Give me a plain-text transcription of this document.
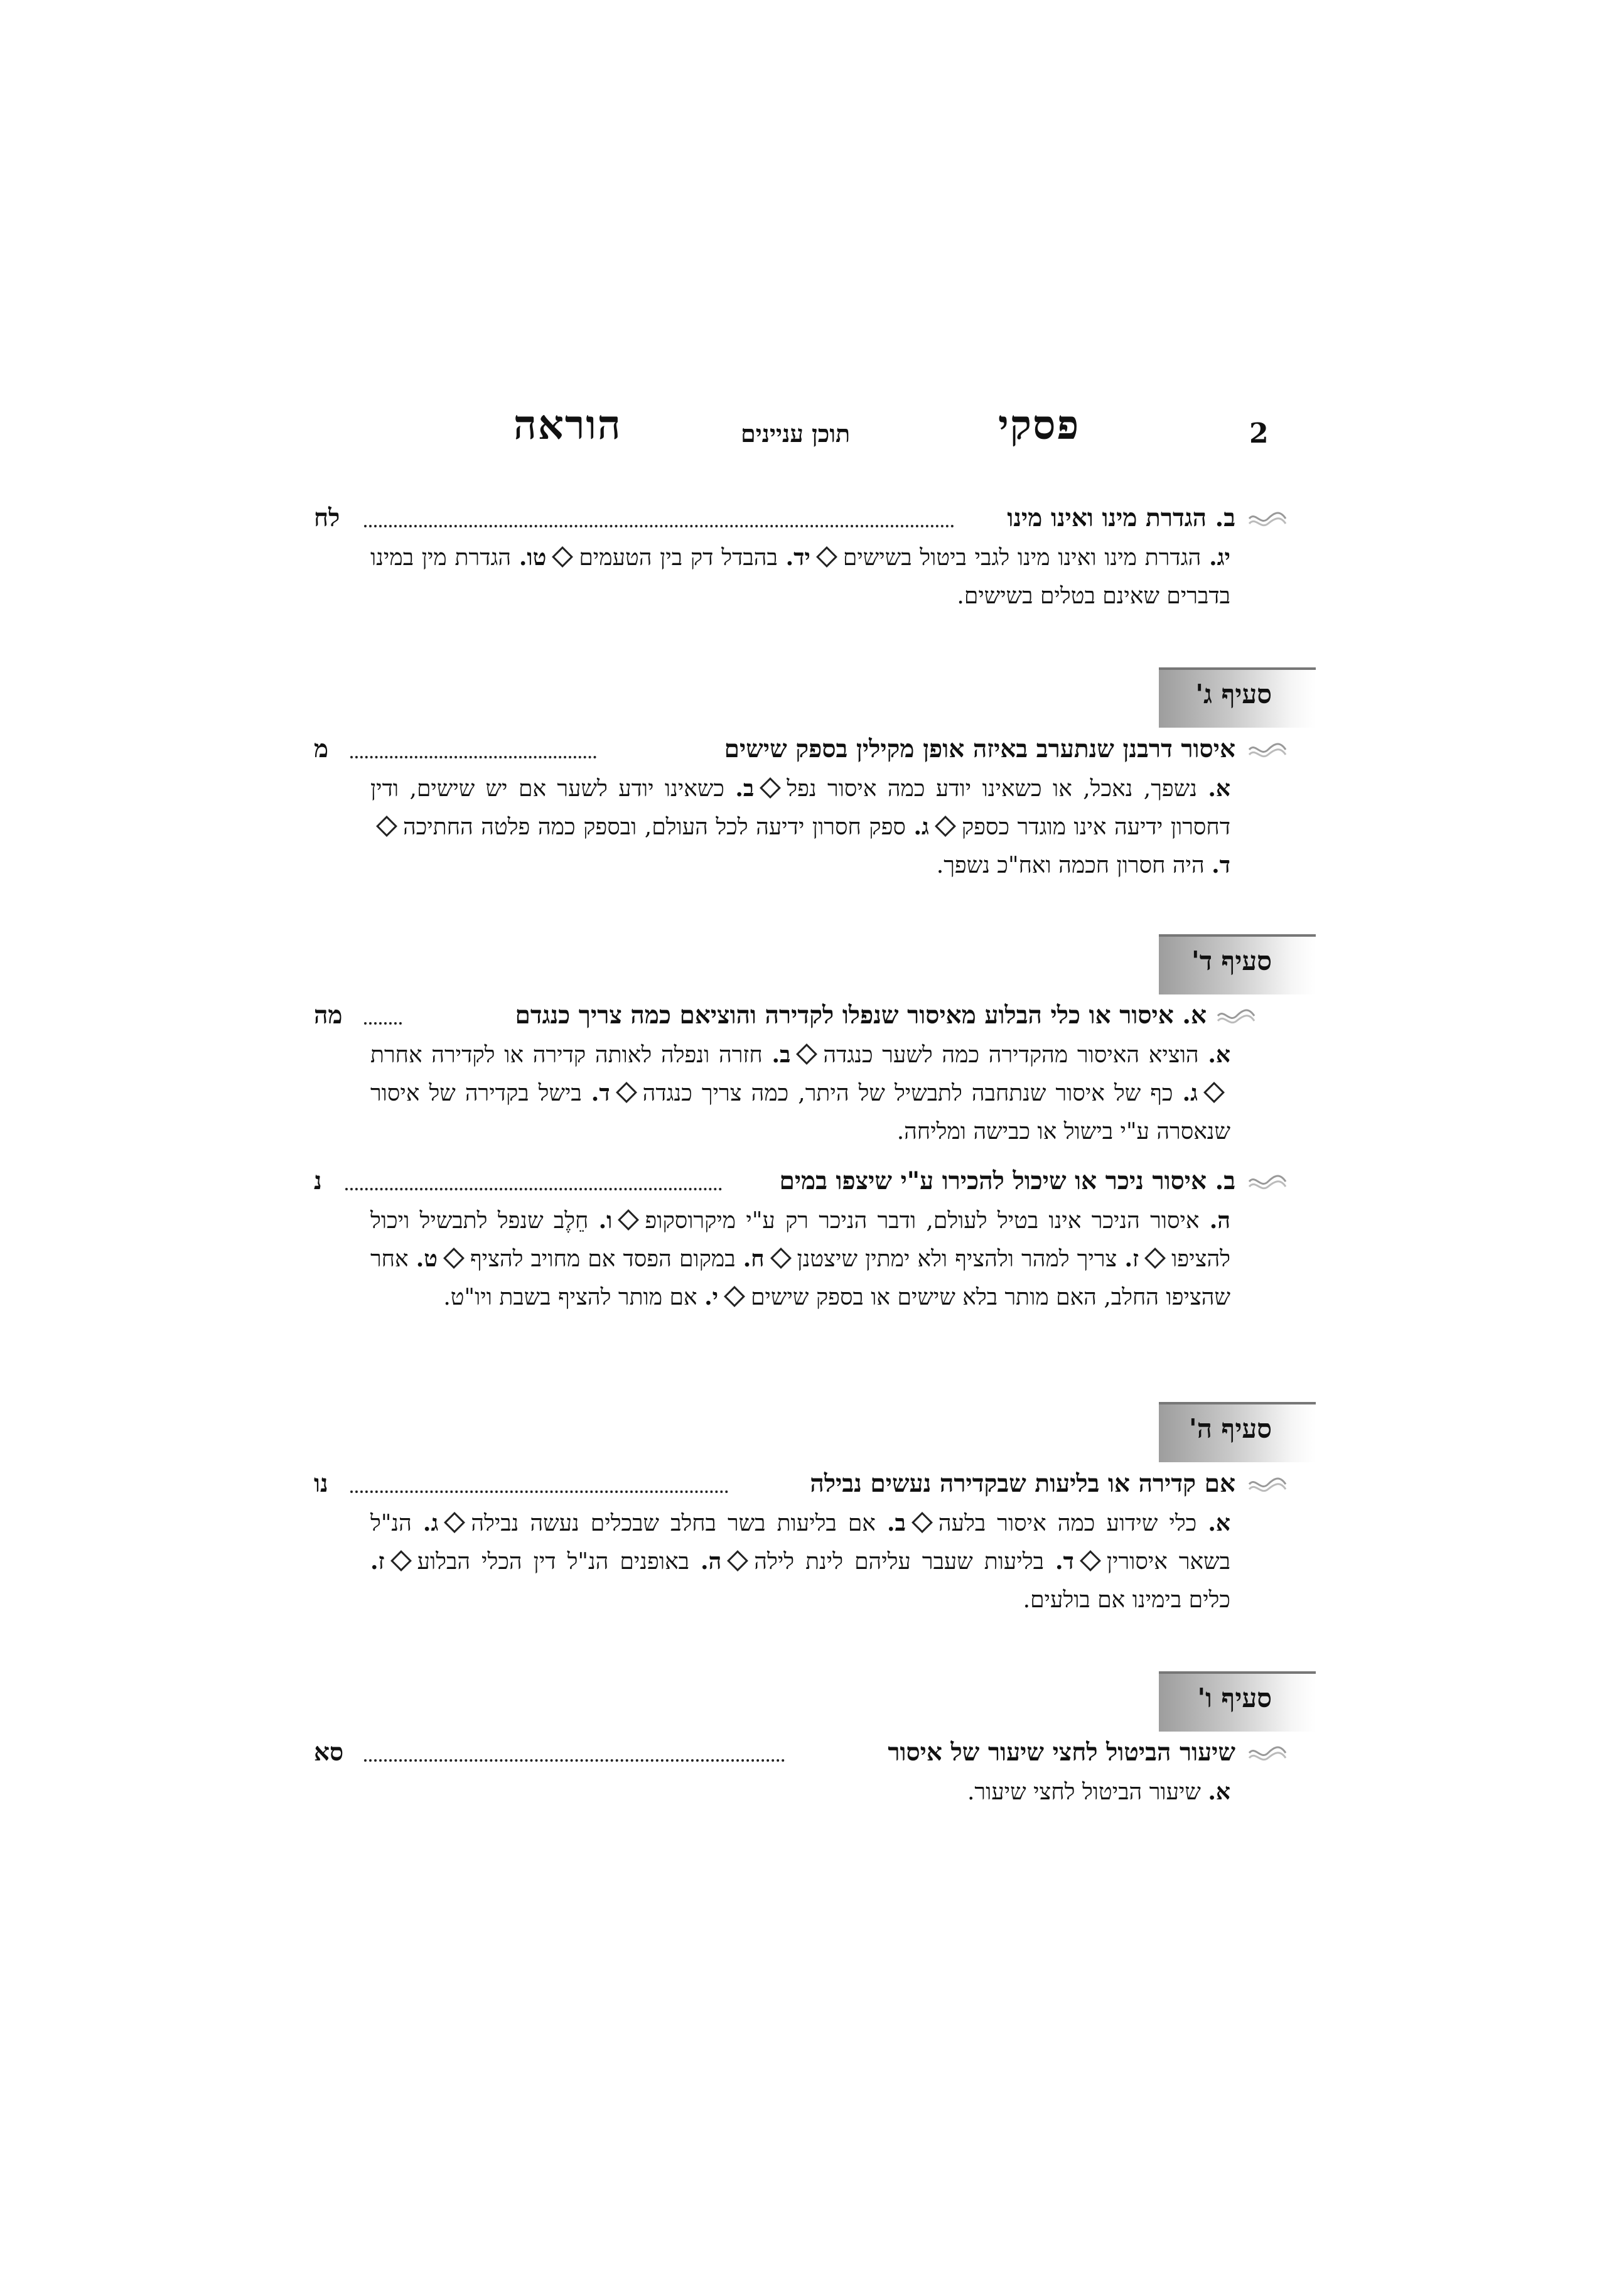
2
פסקי
תוכן עניינים
הוראה
ב. הגדרת מינו ואינו מינו
לח
יג. הגדרת מינו ואינו מינו לגבי ביטול בשישיםיד. בהבדל דק בין הטעמיםטו. הגדרת מין במינו בדברים שאינם בטלים בשישים.
סעיף ג'
איסור דרבנן שנתערב באיזה אופן מקילין בספק שישים
מ
א. נשפך, נאכל, או כשאינו יודע כמה איסור נפלב. כשאינו יודע לשער אם יש שישים, ודין דחסרון ידיעה אינו מוגדר כספקג. ספק חסרון ידיעה לכל העולם, ובספק כמה פלטה החתיכהד. היה חסרון חכמה ואח"כ נשפך.
סעיף ד'
א. איסור או כלי הבלוע מאיסור שנפלו לקדירה והוציאם כמה צריך כנגדם
מה
א. הוציא האיסור מהקדירה כמה לשער כנגדהב. חזרה ונפלה לאותה קדירה או לקדירה אחרתג. כף של איסור שנתחבה לתבשיל של היתר, כמה צריך כנגדהד. בישל בקדירה של איסור שנאסרה ע"י בישול או כבישה ומליחה.
ב. איסור ניכר או שיכול להכירו ע"י שיצפו במים
נ
ה. איסור הניכר אינו בטיל לעולם, ודבר הניכר רק ע"י מיקרוסקופו. חֵלֶב שנפל לתבשיל ויכול להציפוז. צריך למהר ולהציף ולא ימתין שיצטנןח. במקום הפסד אם מחויב להציףט. אחר שהציפו החלב, האם מותר בלא שישים או בספק שישיםי. אם מותר להציף בשבת ויו"ט.
סעיף ה'
אם קדירה או בליעות שבקדירה נעשים נבילה
נו
א. כלי שידוע כמה איסור בלעהב. אם בליעות בשר בחלב שבכלים נעשה נבילהג. הנ"ל בשאר איסוריןד. בליעות שעבר עליהם לינת לילהה. באופנים הנ"ל דין הכלי הבלועז. כלים בימינו אם בולעים.
סעיף ו'
שיעור הביטול לחצי שיעור של איסור
סא
א. שיעור הביטול לחצי שיעור.
